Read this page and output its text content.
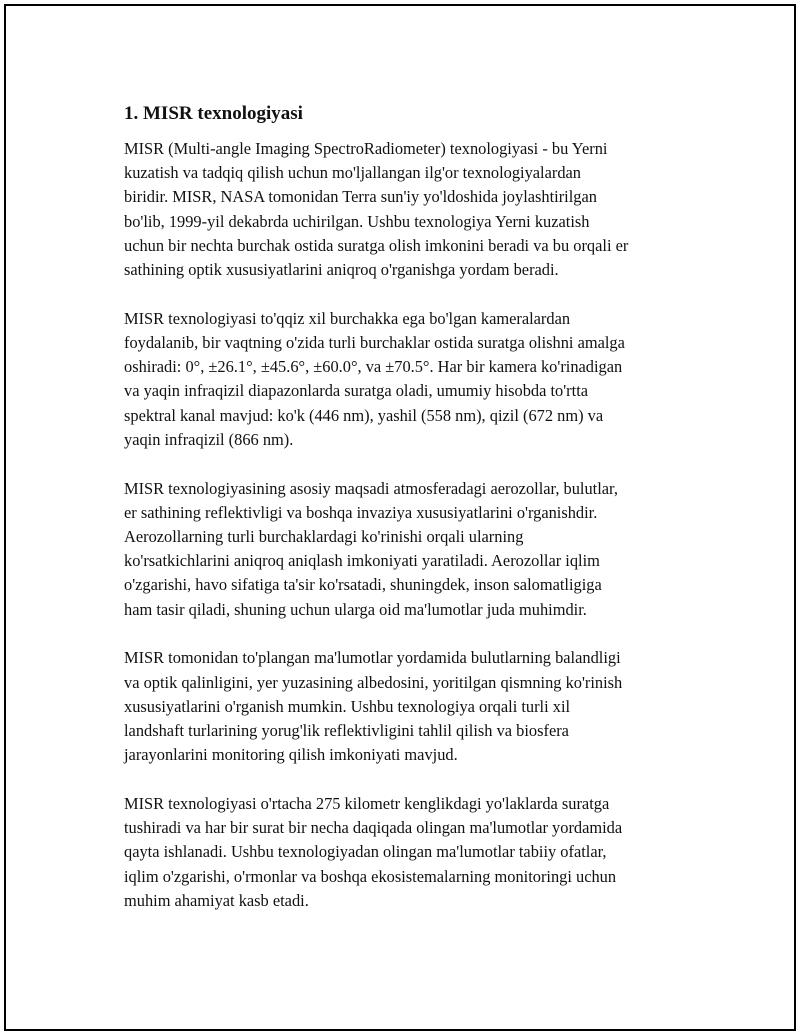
1. MISR texnologiyasi

MISR (Multi-angle Imaging SpectroRadiometer) texnologiyasi - bu Yerni
kuzatish va tadqiq qilish uchun mo'ljallangan ilg'or texnologiyalardan
biridir. MISR, NASA tomonidan Terra sun'iy yo'ldoshida joylashtirilgan
bo'lib, 1999-yil dekabrda uchirilgan. Ushbu texnologiya Yerni kuzatish
uchun bir nechta burchak ostida suratga olish imkonini beradi va bu orqali er
sathining optik xususiyatlarini aniqroq o'rganishga yordam beradi.

MISR texnologiyasi to'qqiz xil burchakka ega bo'lgan kameralardan
foydalanib, bir vaqtning o'zida turli burchaklar ostida suratga olishni amalga
oshiradi: 0°, ±26.1°, ±45.6°, ±60.0°, va ±70.5°. Har bir kamera ko'rinadigan
va yaqin infraqizil diapazonlarda suratga oladi, umumiy hisobda to'rtta
spektral kanal mavjud: ko'k (446 nm), yashil (558 nm), qizil (672 nm) va
yaqin infraqizil (866 nm).

MISR texnologiyasining asosiy maqsadi atmosferadagi aerozollar, bulutlar,
er sathining reflektivligi va boshqa invaziya xususiyatlarini o'rganishdir.
Aerozollarning turli burchaklardagi ko'rinishi orqali ularning
ko'rsatkichlarini aniqroq aniqlash imkoniyati yaratiladi. Aerozollar iqlim
o'zgarishi, havo sifatiga ta'sir ko'rsatadi, shuningdek, inson salomatligiga
ham tasir qiladi, shuning uchun ularga oid ma'lumotlar juda muhimdir.

MISR tomonidan to'plangan ma'lumotlar yordamida bulutlarning balandligi
va optik qalinligini, yer yuzasining albedosini, yoritilgan qismning ko'rinish
xususiyatlarini o'rganish mumkin. Ushbu texnologiya orqali turli xil
landshaft turlarining yorug'lik reflektivligini tahlil qilish va biosfera
jarayonlarini monitoring qilish imkoniyati mavjud.

MISR texnologiyasi o'rtacha 275 kilometr kenglikdagi yo'laklarda suratga
tushiradi va har bir surat bir necha daqiqada olingan ma'lumotlar yordamida
qayta ishlanadi. Ushbu texnologiyadan olingan ma'lumotlar tabiiy ofatlar,
iqlim o'zgarishi, o'rmonlar va boshqa ekosistemalarning monitoringi uchun
muhim ahamiyat kasb etadi.
